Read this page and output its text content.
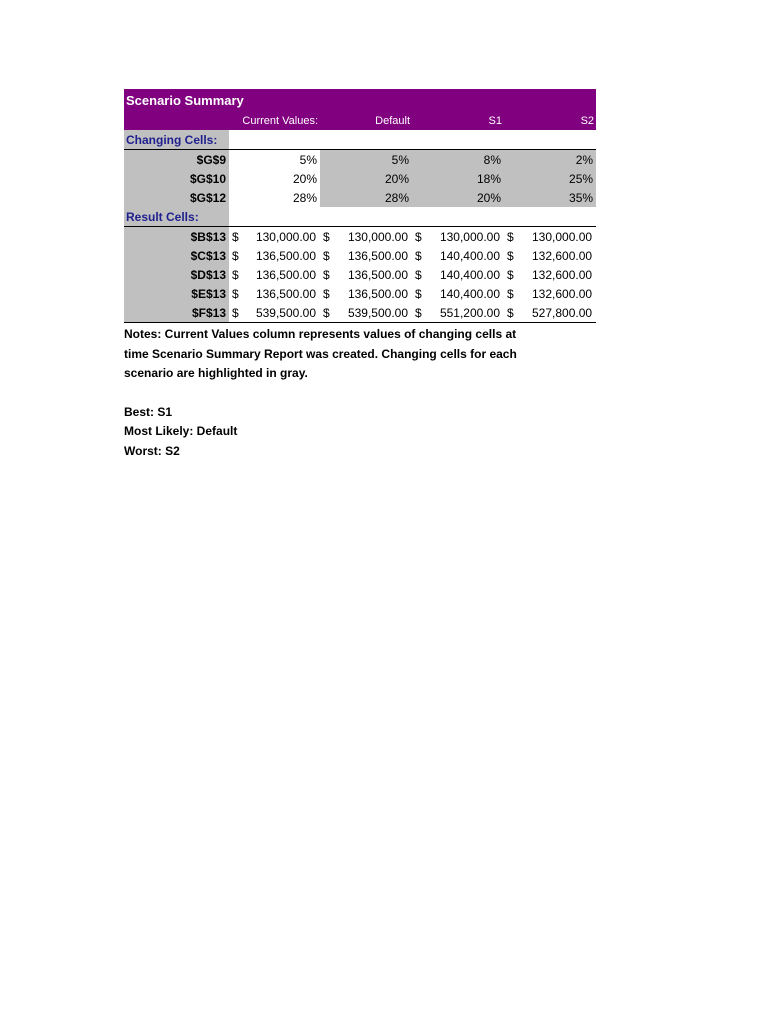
Scenario Summary				
	Current Values:	Default	S1	S2
Changing Cells:				
$G$9	5%	5%	8%	2%
$G$10	20%	20%	18%	25%
$G$12	28%	28%	20%	35%
Result Cells:				
$B$13	$ 130,000.00	$ 130,000.00	$ 130,000.00	$ 130,000.00

$C$13	$ 136,500.00	$ 136,500.00	$ 140,400.00	$ 132,600.00

$D$13	$ 136,500.00	$ 136,500.00	$ 140,400.00	$ 132,600.00

$E$13	$ 136,500.00	$ 136,500.00	$ 140,400.00	$ 132,600.00

$F$13	$ 539,500.00	$ 539,500.00	$ 551,200.00	$ 527,800.00
Notes: Current Values column represents values of changing cells at time Scenario Summary Report was created. Changing cells for each scenario are highlighted in gray.
Best: S1
Most Likely: Default
Worst: S2
